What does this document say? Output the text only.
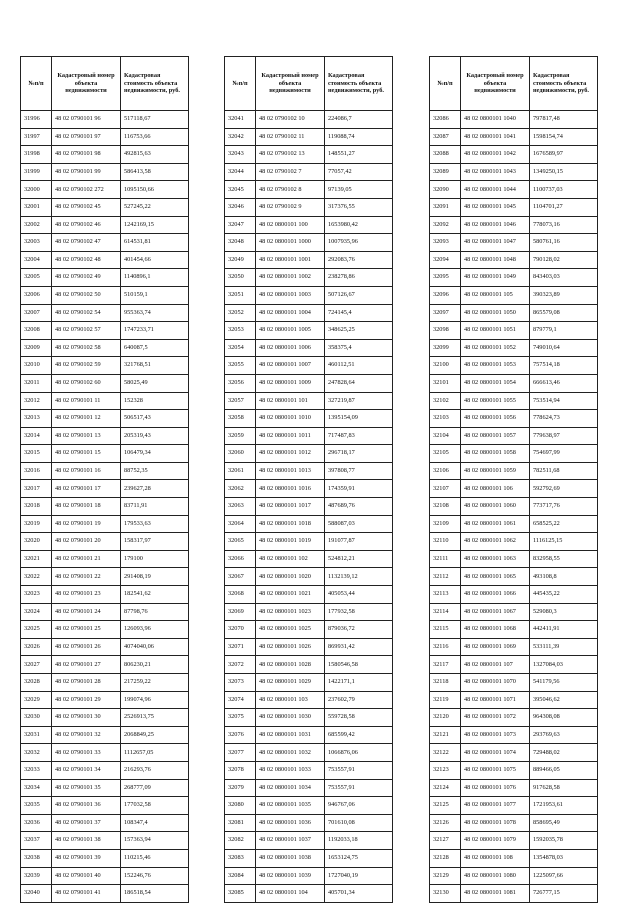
№п/п	Кадастровый номер объекта недвижимости	Кадастровая стоимость объекта недвижимости, руб.
31996	48 02 0790101 96	517118,67
31997	48 02 0790101 97	116753,66
31998	48 02 0790101 98	492815,63
31999	48 02 0790101 99	586413,58
32000	48 02 0790102 272	1095150,66
32001	48 02 0790102 45	527245,22
32002	48 02 0790102 46	1242169,15
32003	48 02 0790102 47	614531,81
32004	48 02 0790102 48	401454,66
32005	48 02 0790102 49	1140896,1
32006	48 02 0790102 50	510159,1
32007	48 02 0790102 54	955363,74
32008	48 02 0790102 57	1747233,71
32009	48 02 0790102 58	640087,5
32010	48 02 0790102 59	321768,51
32011	48 02 0790102 60	58025,49
32012	48 02 0790101 11	152328
32013	48 02 0790101 12	506517,43
32014	48 02 0790101 13	205319,43
32015	48 02 0790101 15	106479,34
32016	48 02 0790101 16	88752,35
32017	48 02 0790101 17	239627,28
32018	48 02 0790101 18	83711,91
32019	48 02 0790101 19	179533,63
32020	48 02 0790101 20	158317,97
32021	48 02 0790101 21	179100
32022	48 02 0790101 22	291408,19
32023	48 02 0790101 23	182541,62
32024	48 02 0790101 24	87798,76
32025	48 02 0790101 25	126093,96
32026	48 02 0790101 26	4074040,06
32027	48 02 0790101 27	806230,21
32028	48 02 0790101 28	217259,22
32029	48 02 0790101 29	199074,96
32030	48 02 0790101 30	2526913,75
32031	48 02 0790101 32	2068849,25
32032	48 02 0790101 33	1112657,05
32033	48 02 0790101 34	216293,76
32034	48 02 0790101 35	268777,09
32035	48 02 0790101 36	177032,58
32036	48 02 0790101 37	108347,4
32037	48 02 0790101 38	157363,94
32038	48 02 0790101 39	110215,46
32039	48 02 0790101 40	152246,76
32040	48 02 0790101 41	186518,54
№п/п	Кадастровый номер объекта недвижимости	Кадастровая стоимость объекта недвижимости, руб.
32041	48 02 0790102 10	224086,7
32042	48 02 0790102 11	119088,74
32043	48 02 0790102 13	148551,27
32044	48 02 0790102 7	77057,42
32045	48 02 0790102 8	97139,05
32046	48 02 0790102 9	317376,55
32047	48 02 0800101 100	1653980,42
32048	48 02 0800101 1000	1007935,96
32049	48 02 0800101 1001	292083,76
32050	48 02 0800101 1002	238278,86
32051	48 02 0800101 1003	507126,67
32052	48 02 0800101 1004	724145,4
32053	48 02 0800101 1005	348625,25
32054	48 02 0800101 1006	358375,4
32055	48 02 0800101 1007	460112,51
32056	48 02 0800101 1009	247828,64
32057	48 02 0800101 101	327219,87
32058	48 02 0800101 1010	1395154,09
32059	48 02 0800101 1011	717487,83
32060	48 02 0800101 1012	296718,17
32061	48 02 0800101 1013	397808,77
32062	48 02 0800101 1016	174359,91
32063	48 02 0800101 1017	487689,76
32064	48 02 0800101 1018	588087,03
32065	48 02 0800101 1019	191077,87
32066	48 02 0800101 102	524812,21
32067	48 02 0800101 1020	1132139,12
32068	48 02 0800101 1021	405053,44
32069	48 02 0800101 1023	177932,58
32070	48 02 0800101 1025	879036,72
32071	48 02 0800101 1026	869931,42
32072	48 02 0800101 1028	1580546,58
32073	48 02 0800101 1029	1422171,1
32074	48 02 0800101 103	237602,79
32075	48 02 0800101 1030	559728,58
32076	48 02 0800101 1031	685599,42
32077	48 02 0800101 1032	1066876,06
32078	48 02 0800101 1033	753557,91
32079	48 02 0800101 1034	753557,91
32080	48 02 0800101 1035	946767,06
32081	48 02 0800101 1036	701610,08
32082	48 02 0800101 1037	1192033,18
32083	48 02 0800101 1038	1653124,75
32084	48 02 0800101 1039	1727040,19
32085	48 02 0800101 104	405701,34
№п/п	Кадастровый номер объекта недвижимости	Кадастровая стоимость объекта недвижимости, руб.
32086	48 02 0800101 1040	797817,48
32087	48 02 0800101 1041	1598154,74
32088	48 02 0800101 1042	1676589,97
32089	48 02 0800101 1043	1349250,15
32090	48 02 0800101 1044	1100737,03
32091	48 02 0800101 1045	1104701,27
32092	48 02 0800101 1046	778073,16
32093	48 02 0800101 1047	580761,16
32094	48 02 0800101 1048	790128,02
32095	48 02 0800101 1049	843403,03
32096	48 02 0800101 105	390323,89
32097	48 02 0800101 1050	865579,08
32098	48 02 0800101 1051	879779,1
32099	48 02 0800101 1052	749010,64
32100	48 02 0800101 1053	757514,18
32101	48 02 0800101 1054	666613,46
32102	48 02 0800101 1055	753514,94
32103	48 02 0800101 1056	778624,73
32104	48 02 0800101 1057	779638,97
32105	48 02 0800101 1058	754697,99
32106	48 02 0800101 1059	782511,68
32107	48 02 0800101 106	592792,69
32108	48 02 0800101 1060	773717,76
32109	48 02 0800101 1061	658525,22
32110	48 02 0800101 1062	1116125,15
32111	48 02 0800101 1063	832958,55
32112	48 02 0800101 1065	493108,8
32113	48 02 0800101 1066	445435,22
32114	48 02 0800101 1067	529080,3
32115	48 02 0800101 1068	442411,91
32116	48 02 0800101 1069	533111,39
32117	48 02 0800101 107	1327084,03
32118	48 02 0800101 1070	541179,56
32119	48 02 0800101 1071	395046,62
32120	48 02 0800101 1072	964308,08
32121	48 02 0800101 1073	293769,63
32122	48 02 0800101 1074	729488,02
32123	48 02 0800101 1075	889466,05
32124	48 02 0800101 1076	917628,58
32125	48 02 0800101 1077	1721953,61
32126	48 02 0800101 1078	858695,49
32127	48 02 0800101 1079	1592035,78
32128	48 02 0800101 108	1354878,03
32129	48 02 0800101 1080	1225097,66
32130	48 02 0800101 1081	726777,15
